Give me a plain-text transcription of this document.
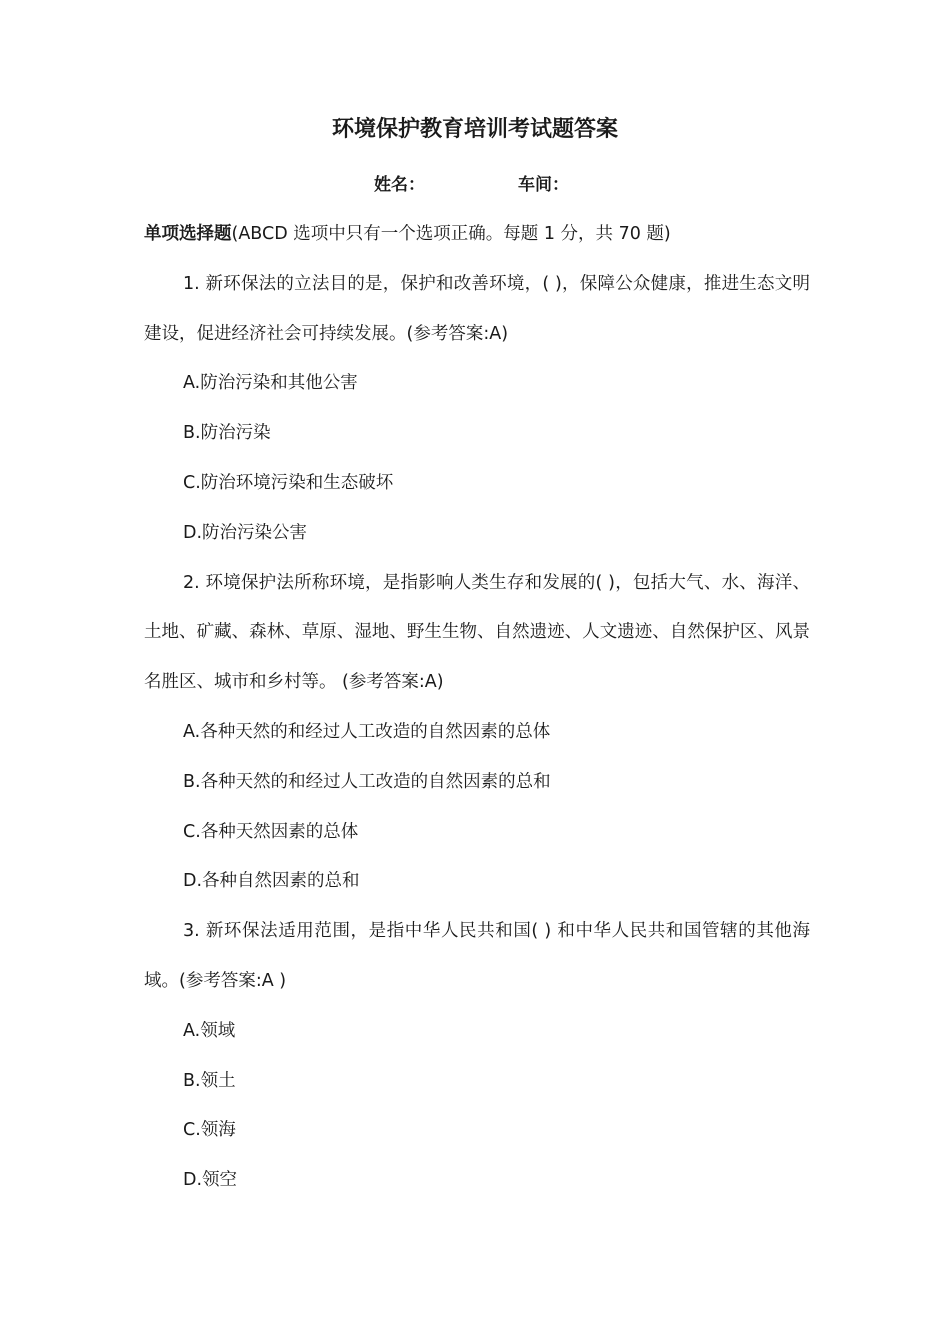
环境保护教育培训考试题答案
姓名：	车间：
单项选择题(ABCD 选项中只有一个选项正确。每题 1 分，共 70 题)
1. 新环保法的立法目的是，保护和改善环境，( )，保障公众健康，推进生态文明建设，促进经济社会可持续发展。(参考答案:A)
A.防治污染和其他公害
B.防治污染
C.防治环境污染和生态破坏
D.防治污染公害
2. 环境保护法所称环境，是指影响人类生存和发展的( )，包括大气、水、海洋、土地、矿藏、森林、草原、湿地、野生生物、自然遗迹、人文遗迹、自然保护区、风景名胜区、城市和乡村等。 (参考答案:A)
A.各种天然的和经过人工改造的自然因素的总体
B.各种天然的和经过人工改造的自然因素的总和
C.各种天然因素的总体
D.各种自然因素的总和
3. 新环保法适用范围，是指中华人民共和国( ) 和中华人民共和国管辖的其他海域。(参考答案:A )
A.领域
B.领土
C.领海
D.领空
